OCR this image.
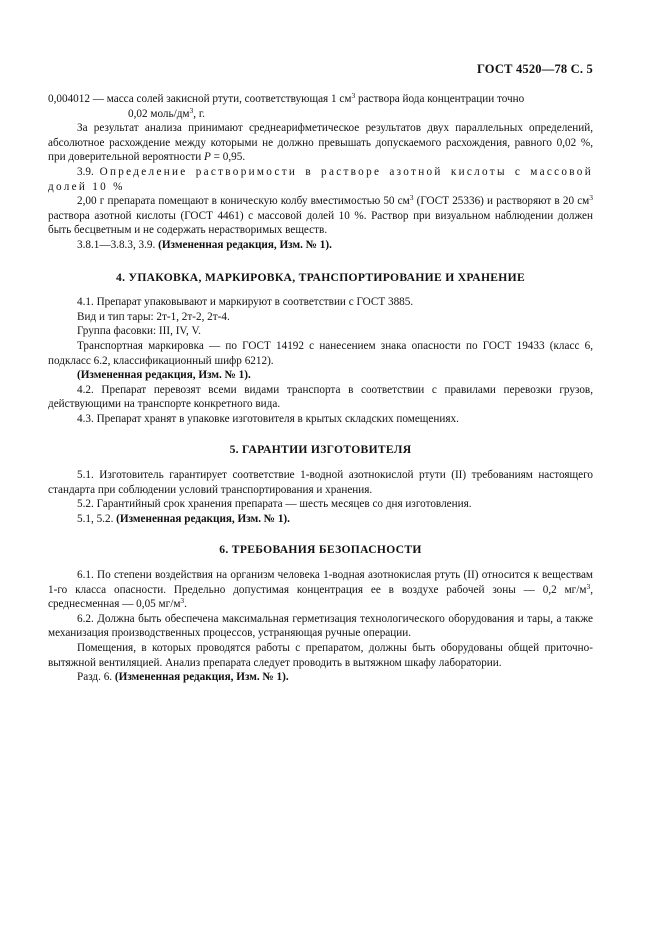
ГОСТ 4520—78 С. 5

0,004012 — масса солей закисной ртути, соответствующая 1 $см^3$ раствора йода концентрации точно

0,02 моль/$дм^3$, г.

За результат анализа принимают среднеарифметическое результатов двух параллельных определений, абсолютное расхождение между которыми не должно превышать допускаемого расхождения, равного 0,02 %, при доверительной вероятности P = 0,95.

3.9. Определение растворимости в растворе азотной кислоты с массовой долей 10 %

2,00 г препарата помещают в коническую колбу вместимостью 50 $см^3$ (ГОСТ 25336) и растворяют в 20 $см^3$ раствора азотной кислоты (ГОСТ 4461) с массовой долей 10 %. Раствор при визуальном наблюдении должен быть бесцветным и не содержать нерастворимых веществ.

3.8.1—3.8.3, 3.9. (Измененная редакция, Изм. № 1).

4. УПАКОВКА, МАРКИРОВКА, ТРАНСПОРТИРОВАНИЕ И ХРАНЕНИЕ

4.1. Препарат упаковывают и маркируют в соответствии с ГОСТ 3885.

Вид и тип тары: 2т-1, 2т-2, 2т-4.

Группа фасовки: III, IV, V.

Транспортная маркировка — по ГОСТ 14192 с нанесением знака опасности по ГОСТ 19433 (класс 6, подкласс 6.2, классификационный шифр 6212).

(Измененная редакция, Изм. № 1).

4.2. Препарат перевозят всеми видами транспорта в соответствии с правилами перевозки грузов, действующими на транспорте конкретного вида.

4.3. Препарат хранят в упаковке изготовителя в крытых складских помещениях.

5. ГАРАНТИИ ИЗГОТОВИТЕЛЯ

5.1. Изготовитель гарантирует соответствие 1-водной азотнокислой ртути (II) требованиям настоящего стандарта при соблюдении условий транспортирования и хранения.

5.2. Гарантийный срок хранения препарата — шесть месяцев со дня изготовления.

5.1, 5.2. (Измененная редакция, Изм. № 1).

6. ТРЕБОВАНИЯ БЕЗОПАСНОСТИ

6.1. По степени воздействия на организм человека 1-водная азотнокислая ртуть (II) относится к веществам 1-го класса опасности. Предельно допустимая концентрация ее в воздухе рабочей зоны — 0,2 $мг/м^3$, среднесменная — 0,05 $мг/м^3$.

6.2. Должна быть обеспечена максимальная герметизация технологического оборудования и тары, а также механизация производственных процессов, устраняющая ручные операции.

Помещения, в которых проводятся работы с препаратом, должны быть оборудованы общей приточно-вытяжной вентиляцией. Анализ препарата следует проводить в вытяжном шкафу лаборатории.

Разд. 6. (Измененная редакция, Изм. № 1).
